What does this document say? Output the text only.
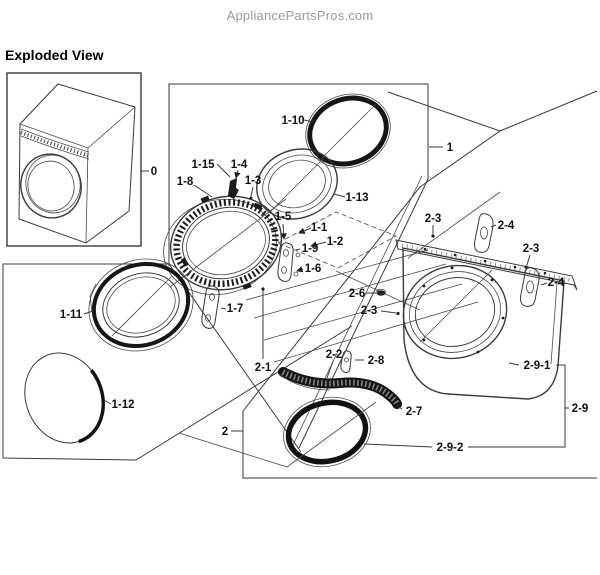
AppliancePartsPros.com
Exploded View
0
1
1-10
1-13
1-15 1-4
1-8	1-3
1-5
1-1
1-2
1-9
1-6
1-7
1-11
1-12
2-3
2-4
2-3
2-4
2-6
2-3
2-2 2-8
2-1
2-7
2
2-9-1
2-9
2-9-2
